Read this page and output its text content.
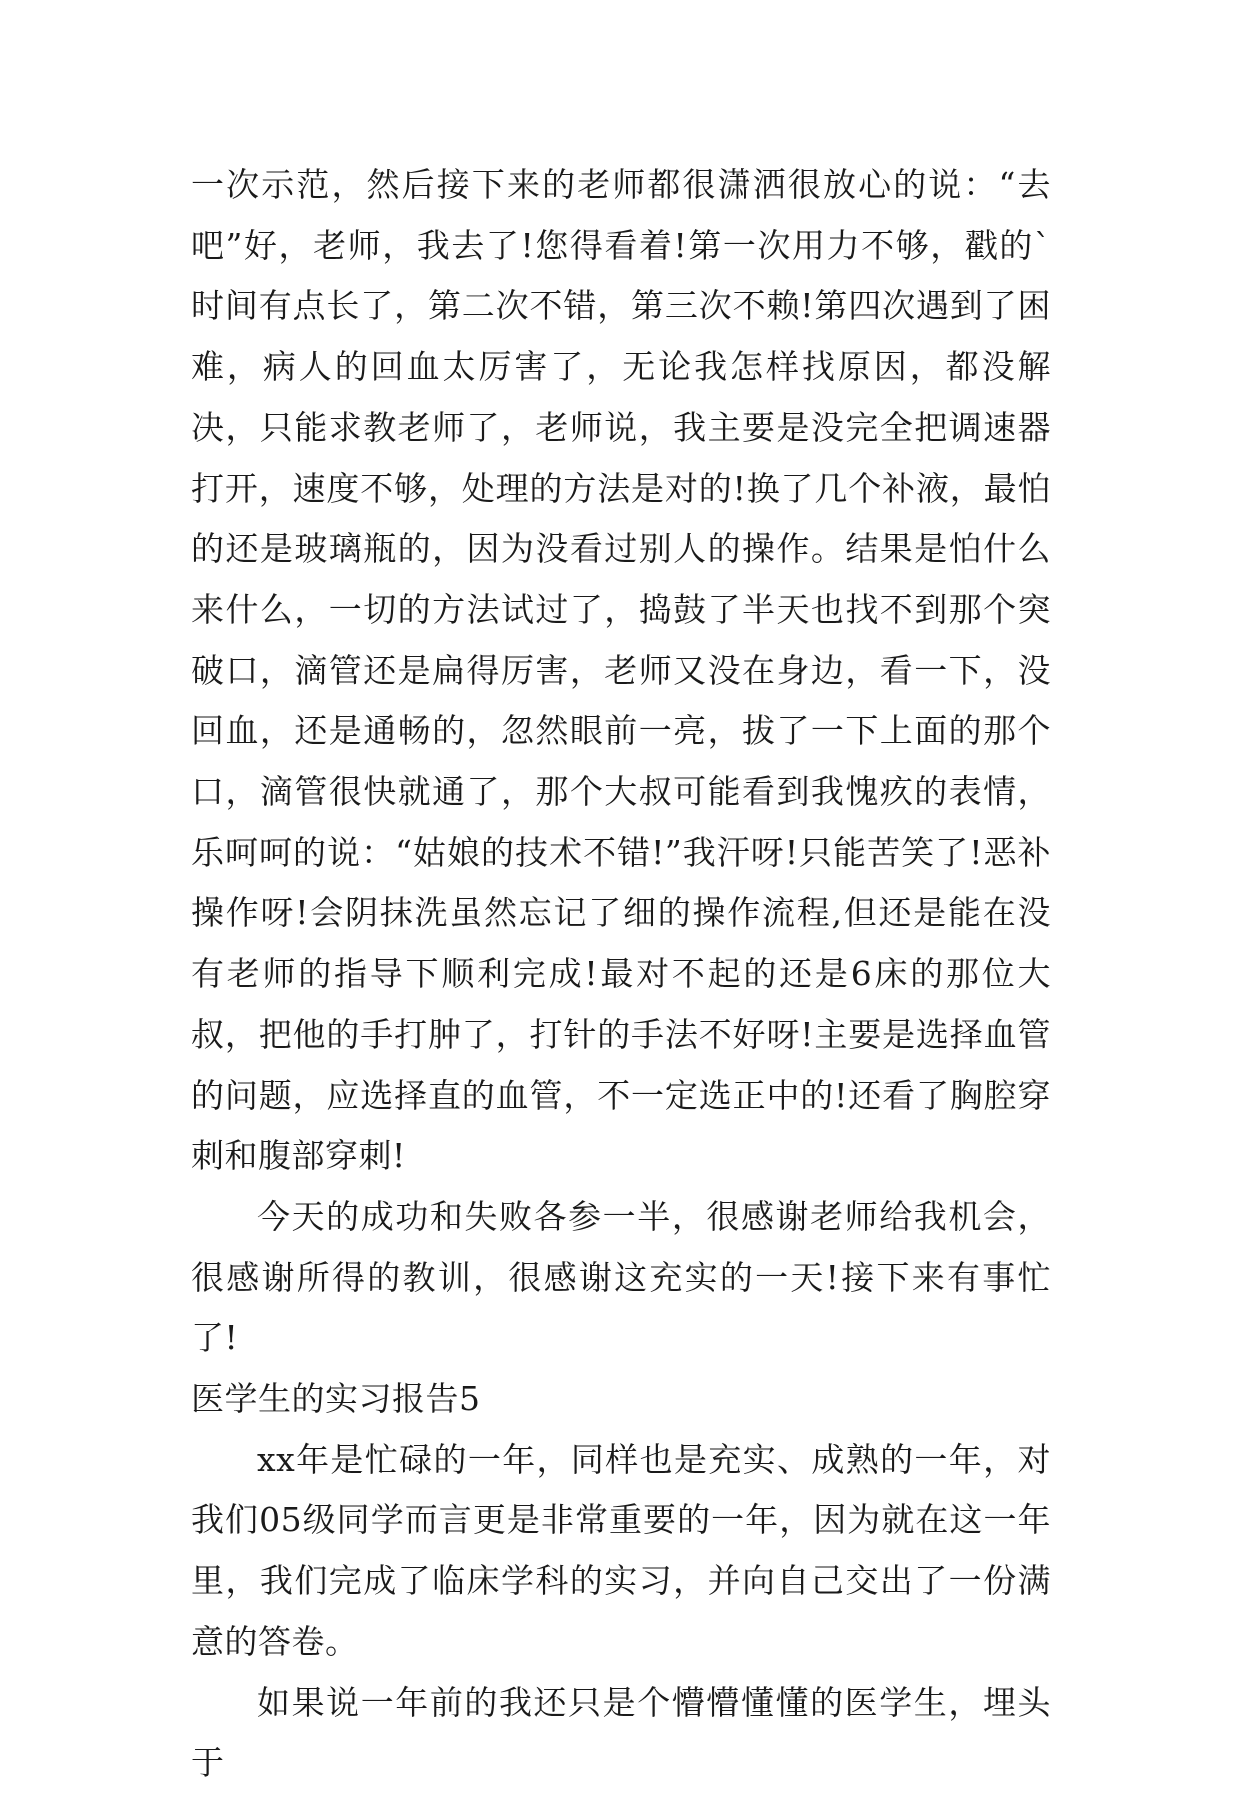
一次示范，然后接下来的老师都很潇洒很放心的说：“去吧”好，老师，我去了!您得看着!第一次用力不够，戳的`时间有点长了，第二次不错，第三次不赖!第四次遇到了困难，病人的回血太厉害了，无论我怎样找原因，都没解决，只能求教老师了，老师说，我主要是没完全把调速器打开，速度不够，处理的方法是对的!换了几个补液，最怕的还是玻璃瓶的，因为没看过别人的操作。结果是怕什么来什么，一切的方法试过了，捣鼓了半天也找不到那个突破口，滴管还是扁得厉害，老师又没在身边，看一下，没回血，还是通畅的，忽然眼前一亮，拔了一下上面的那个口，滴管很快就通了，那个大叔可能看到我愧疚的表情，乐呵呵的说：“姑娘的技术不错!”我汗呀!只能苦笑了!恶补操作呀!会阴抹洗虽然忘记了细的操作流程,但还是能在没有老师的指导下顺利完成!最对不起的还是6床的那位大叔，把他的手打肿了，打针的手法不好呀!主要是选择血管的问题，应选择直的血管，不一定选正中的!还看了胸腔穿刺和腹部穿刺!

今天的成功和失败各参一半，很感谢老师给我机会，很感谢所得的教训，很感谢这充实的一天!接下来有事忙了!

医学生的实习报告5

xx年是忙碌的一年，同样也是充实、成熟的一年，对我们05级同学而言更是非常重要的一年，因为就在这一年里，我们完成了临床学科的实习，并向自己交出了一份满意的答卷。

如果说一年前的我还只是个懵懵懂懂的医学生，埋头于
